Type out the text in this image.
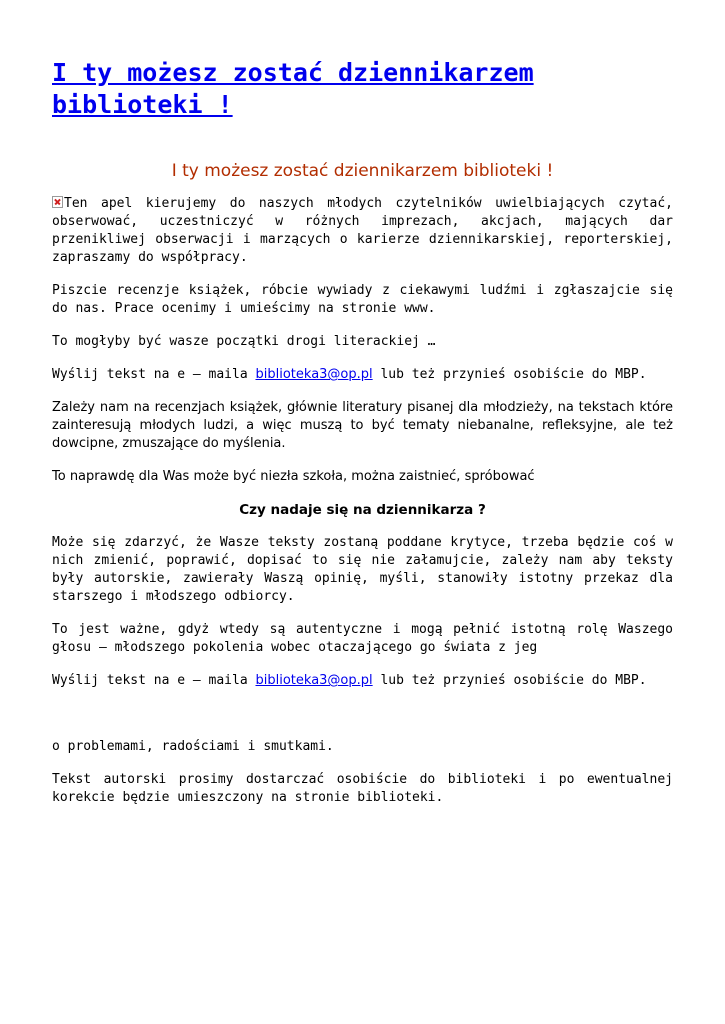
I ty możesz zostać dziennikarzem biblioteki !
I ty możesz zostać dziennikarzem biblioteki !

Ten apel kierujemy do naszych młodych czytelników uwielbiających czytać, obserwować, uczestniczyć w różnych imprezach, akcjach, mających dar przenikliwej obserwacji i marzących o karierze dziennikarskiej, reporterskiej, zapraszamy do współpracy.

Piszcie recenzje książek, róbcie wywiady z ciekawymi ludźmi i zgłaszajcie się do nas. Prace ocenimy i umieścimy na stronie www.

To mogłyby być wasze początki drogi literackiej …

Wyślij tekst na e – maila biblioteka3@op.pl lub też przynieś osobiście do MBP.

Zależy nam na recenzjach książek, głównie literatury pisanej dla młodzieży, na tekstach które zainteresują młodych ludzi, a więc muszą to być tematy niebanalne, refleksyjne, ale też dowcipne, zmuszające do myślenia.

To naprawdę dla Was może być niezła szkoła, można zaistnieć, spróbować

Czy nadaje się na dziennikarza ?

Może się zdarzyć, że Wasze teksty zostaną poddane krytyce, trzeba będzie coś w nich zmienić, poprawić, dopisać to się nie załamujcie, zależy nam aby teksty były autorskie, zawierały Waszą opinię, myśli, stanowiły istotny przekaz dla starszego i młodszego odbiorcy.

To jest ważne, gdyż wtedy są autentyczne i mogą pełnić istotną rolę Waszego głosu – młodszego pokolenia wobec otaczającego go świata z jeg

Wyślij tekst na e – maila biblioteka3@op.pl lub też przynieś osobiście do MBP.

o problemami, radościami i smutkami.

Tekst autorski prosimy dostarczać osobiście do biblioteki i po ewentualnej korekcie będzie umieszczony na stronie biblioteki.
